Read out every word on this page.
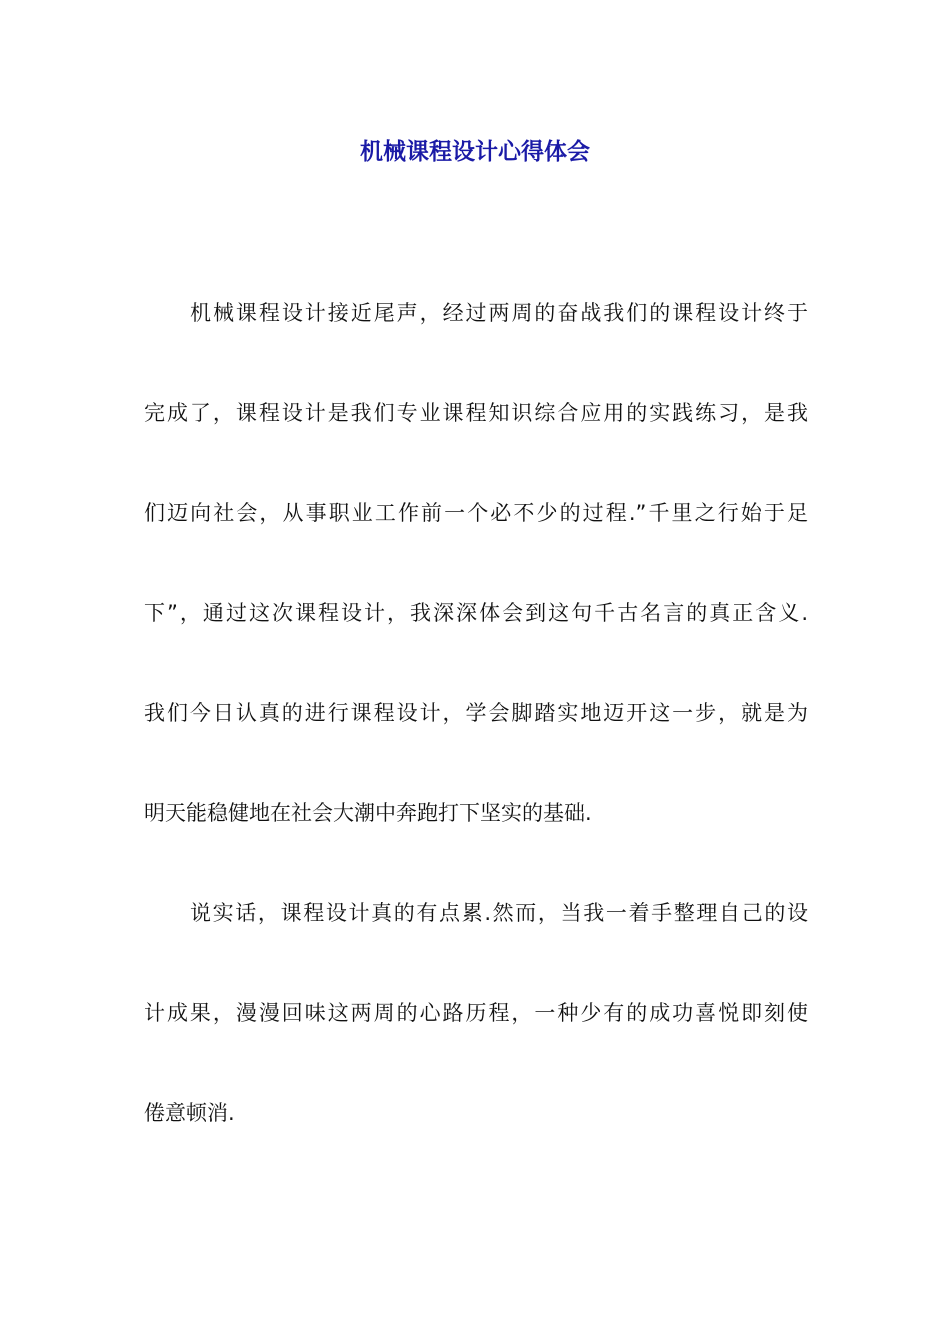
机械课程设计心得体会
机械课程设计接近尾声，经过两周的奋战我们的课程设计终于
完成了，课程设计是我们专业课程知识综合应用的实践练习，是我
们迈向社会，从事职业工作前一个必不少的过程.”千里之行始于足
下”，通过这次课程设计，我深深体会到这句千古名言的真正含义.
我们今日认真的进行课程设计，学会脚踏实地迈开这一步，就是为
明天能稳健地在社会大潮中奔跑打下坚实的基础.
说实话，课程设计真的有点累.然而，当我一着手整理自己的设
计成果，漫漫回味这两周的心路历程，一种少有的成功喜悦即刻使
倦意顿消.
